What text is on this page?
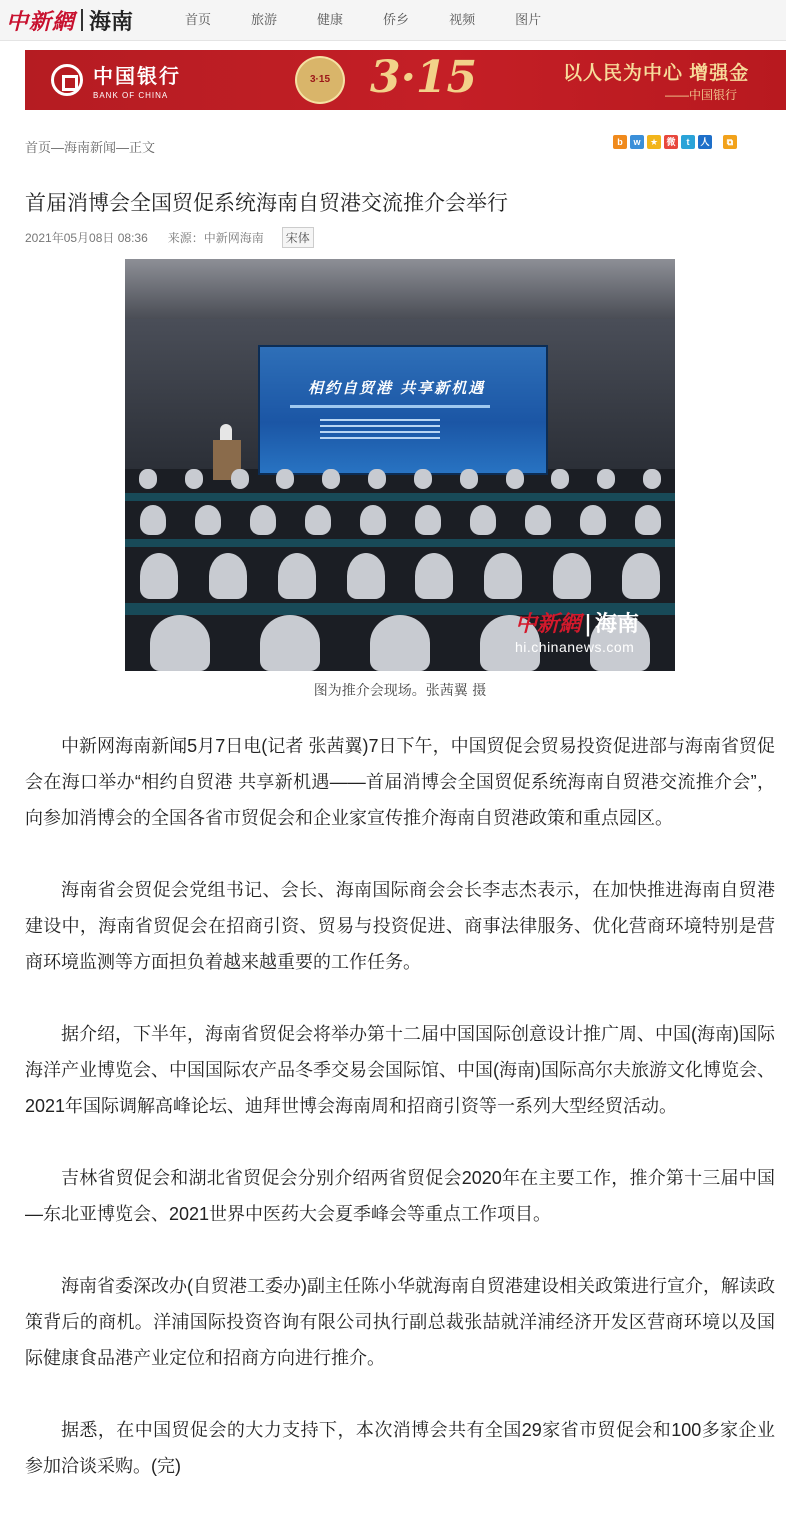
中新網 海南	首页	旅游	健康	侨乡	视频	图片
中国银行
BANK OF CHINA
3·15 3·15	以人民为中心 增强金
——中国银行
首页—海南新闻—正文	b	w	★ 微	t	人	⧉
首届消博会全国贸促系统海南自贸港交流推介会举行
2021年05月08日 08:36 来源：中新网海南	宋体
相约自贸港 共享新机遇
中新網 | 海南
hi.chinanews.com
图为推介会现场。张茜翼 摄

中新网海南新闻5月7日电(记者 张茜翼)7日下午，中国贸促会贸易投资促进部与海南省贸促会在海口举办“相约自贸港 共享新机遇——首届消博会全国贸促系统海南自贸港交流推介会”，向参加消博会的全国各省市贸促会和企业家宣传推介海南自贸港政策和重点园区。

海南省会贸促会党组书记、会长、海南国际商会会长李志杰表示，在加快推进海南自贸港建设中，海南省贸促会在招商引资、贸易与投资促进、商事法律服务、优化营商环境特别是营商环境监测等方面担负着越来越重要的工作任务。

据介绍，下半年，海南省贸促会将举办第十二届中国国际创意设计推广周、中国(海南)国际海洋产业博览会、中国国际农产品冬季交易会国际馆、中国(海南)国际高尔夫旅游文化博览会、2021年国际调解高峰论坛、迪拜世博会海南周和招商引资等一系列大型经贸活动。

吉林省贸促会和湖北省贸促会分别介绍两省贸促会2020年在主要工作，推介第十三届中国—东北亚博览会、2021世界中医药大会夏季峰会等重点工作项目。

海南省委深改办(自贸港工委办)副主任陈小华就海南自贸港建设相关政策进行宣介，解读政策背后的商机。洋浦国际投资咨询有限公司执行副总裁张喆就洋浦经济开发区营商环境以及国际健康食品港产业定位和招商方向进行推介。

据悉，在中国贸促会的大力支持下，本次消博会共有全国29家省市贸促会和100多家企业参加洽谈采购。(完)
